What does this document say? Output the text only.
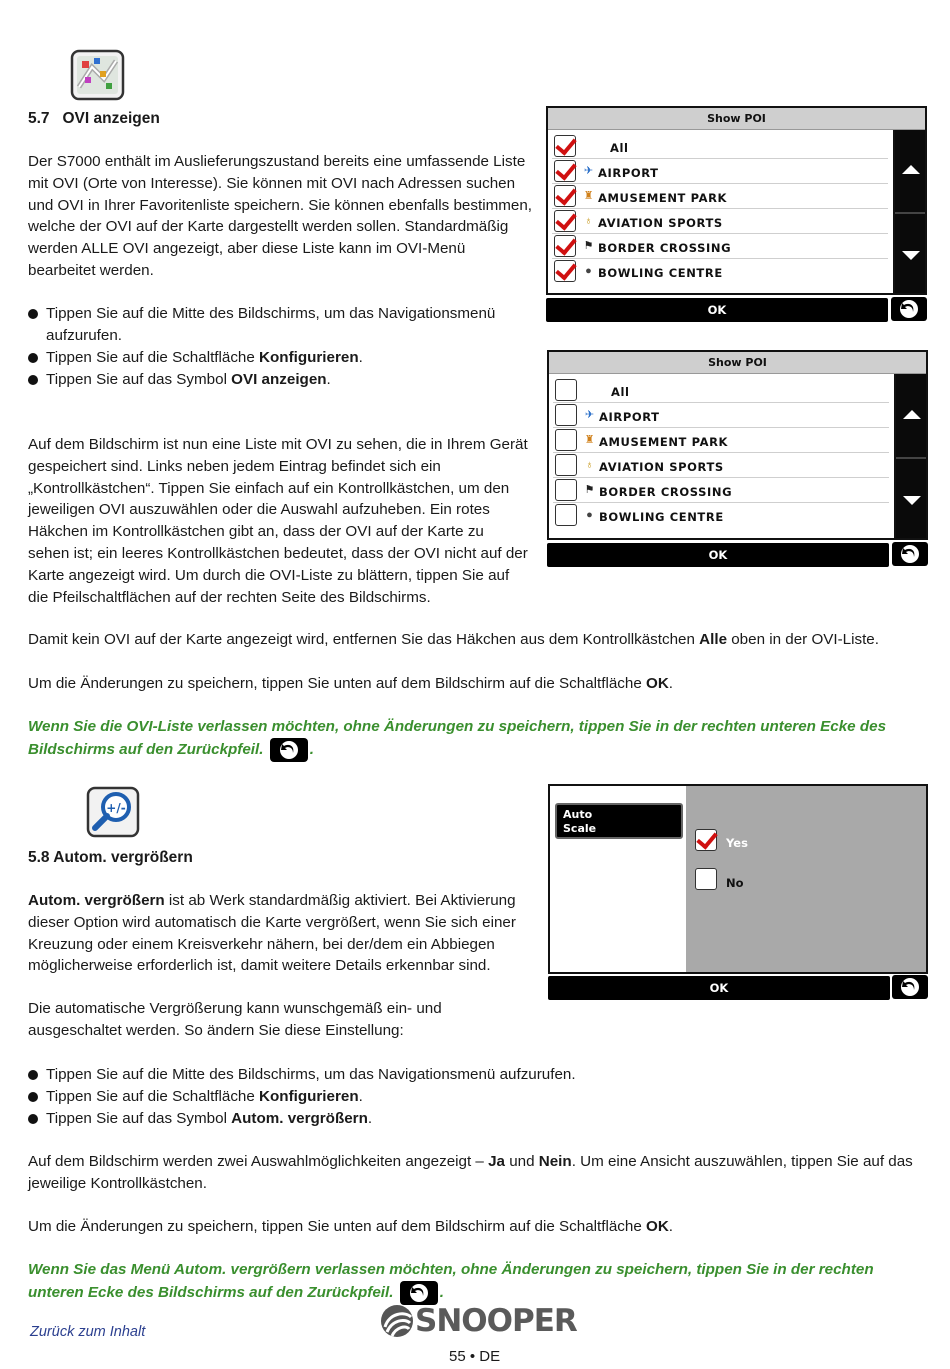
5.7 OVI anzeigen

Der S7000 enthält im Auslieferungszustand bereits eine umfassende Liste mit OVI (Orte von Interesse). Sie können mit OVI nach Adressen suchen und OVI in Ihrer Favoritenliste speichern. Sie können ebenfalls bestimmen, welche der OVI auf der Karte dargestellt werden sollen. Standardmäßig werden ALLE OVI angezeigt, aber diese Liste kann im OVI-Menü bearbeitet werden.

Tippen Sie auf die Mitte des Bildschirms, um das Navigationsmenü aufzurufen.
Tippen Sie auf die Schaltfläche Konfigurieren.
Tippen Sie auf das Symbol OVI anzeigen.

Auf dem Bildschirm ist nun eine Liste mit OVI zu sehen, die in Ihrem Gerät gespeichert sind. Links neben jedem Eintrag befindet sich ein „Kontrollkästchen“. Tippen Sie einfach auf ein Kontrollkästchen, um den jeweiligen OVI auszuwählen oder die Auswahl aufzuheben. Ein rotes Häkchen im Kontrollkästchen gibt an, dass der OVI auf der Karte zu sehen ist; ein leeres Kontrollkästchen bedeutet, dass der OVI nicht auf der Karte angezeigt wird. Um durch die OVI-Liste zu blättern, tippen Sie auf die Pfeilschaltflächen auf der rechten Seite des Bildschirms.

Show POI
All
✈ AIRPORT
♜ AMUSEMENT PARK
♁ AVIATION SPORTS
⚑ BORDER CROSSING
● BOWLING CENTRE
OK
Show POI
All
✈ AIRPORT
♜ AMUSEMENT PARK
♁ AVIATION SPORTS
⚑ BORDER CROSSING
● BOWLING CENTRE
OK

Damit kein OVI auf der Karte angezeigt wird, entfernen Sie das Häkchen aus dem Kontrollkästchen Alle oben in der OVI-Liste.

Um die Änderungen zu speichern, tippen Sie unten auf dem Bildschirm auf die Schaltfläche OK.

Wenn Sie die OVI-Liste verlassen möchten, ohne Änderungen zu speichern, tippen Sie in der rechten unteren Ecke des Bildschirms auf den Zurückpfeil.	.

+/-
5.8 Autom. vergrößern

Autom. vergrößern ist ab Werk standardmäßig aktiviert. Bei Aktivierung dieser Option wird automatisch die Karte vergrößert, wenn Sie sich einer Kreuzung oder einem Kreisverkehr nähern, bei der/dem ein Abbiegen möglicherweise erforderlich ist, damit weitere Details erkennbar sind.

Die automatische Vergrößerung kann wunschgemäß ein- und ausgeschaltet werden. So ändern Sie diese Einstellung:

Auto
Scale
Yes
No
OK
Tippen Sie auf die Mitte des Bildschirms, um das Navigationsmenü aufzurufen.
Tippen Sie auf die Schaltfläche Konfigurieren.
Tippen Sie auf das Symbol Autom. vergrößern.

Auf dem Bildschirm werden zwei Auswahlmöglichkeiten angezeigt – Ja und Nein. Um eine Ansicht auszuwählen, tippen Sie auf das jeweilige Kontrollkästchen.

Um die Änderungen zu speichern, tippen Sie unten auf dem Bildschirm auf die Schaltfläche OK.

Wenn Sie das Menü Autom. vergrößern verlassen möchten, ohne Änderungen zu speichern, tippen Sie in der rechten unteren Ecke des Bildschirms auf den Zurückpfeil.	.

Zurück zum Inhalt	SNOOPER
55 • DE
